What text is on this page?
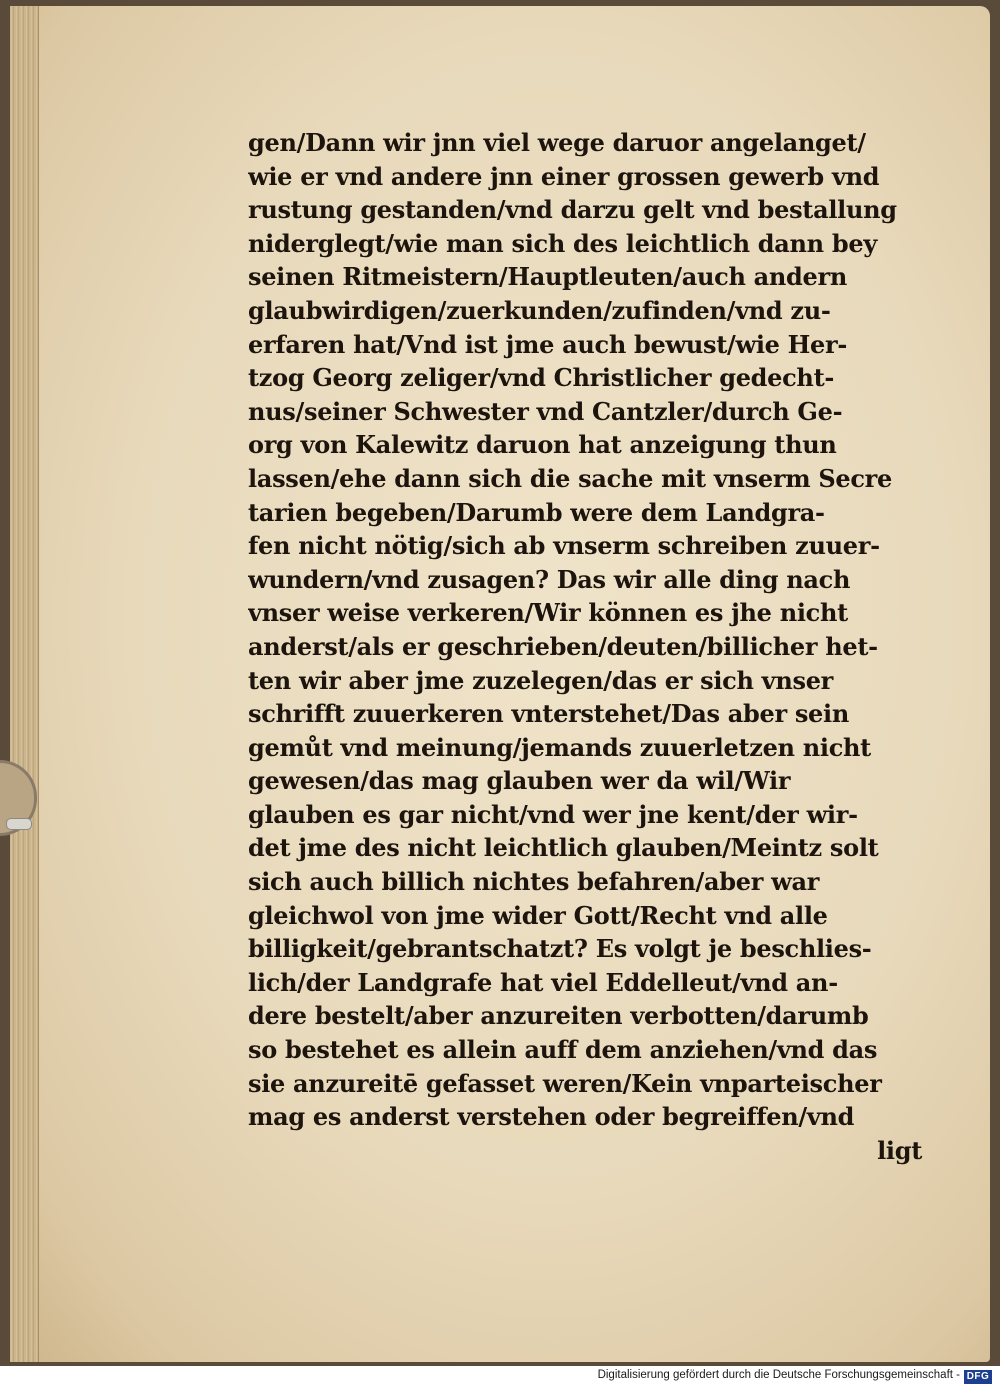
gen/Dann wir jnn viel wege daruor angelanget/
wie er vnd andere jnn einer grossen gewerb vnd
rustung gestanden/vnd darzu gelt vnd bestallung
niderglegt/wie man sich des leichtlich dann bey
seinen Ritmeistern/Hauptleuten/auch andern
glaubwirdigen/zuerkunden/zufinden/vnd zu-
erfaren hat/Vnd ist jme auch bewust/wie Her-
tzog Georg zeliger/vnd Christlicher gedecht-
nus/seiner Schwester vnd Cantzler/durch Ge-
org von Kalewitz daruon hat anzeigung thun
lassen/ehe dann sich die sache mit vnserm Secre
tarien begeben/Darumb were dem Landgra-
fen nicht nötig/sich ab vnserm schreiben zuuer-
wundern/vnd zusagen? Das wir alle ding nach
vnser weise verkeren/Wir können es jhe nicht
anderst/als er geschrieben/deuten/billicher het-
ten wir aber jme zuzelegen/das er sich vnser
schrifft zuuerkeren vnterstehet/Das aber sein
gemůt vnd meinung/jemands zuuerletzen nicht
gewesen/das mag glauben wer da wil/Wir
glauben es gar nicht/vnd wer jne kent/der wir-
det jme des nicht leichtlich glauben/Meintz solt
sich auch billich nichtes befahren/aber war
gleichwol von jme wider Gott/Recht vnd alle
billigkeit/gebrantschatzt? Es volgt je beschlies-
lich/der Landgrafe hat viel Eddelleut/vnd an-
dere bestelt/aber anzureiten verbotten/darumb
so bestehet es allein auff dem anziehen/vnd das
sie anzureitē gefasset weren/Kein vnparteischer
mag es anderst verstehen oder begreiffen/vnd
ligt
Digitalisierung gefördert durch die Deutsche Forschungsgemeinschaft - DFG
